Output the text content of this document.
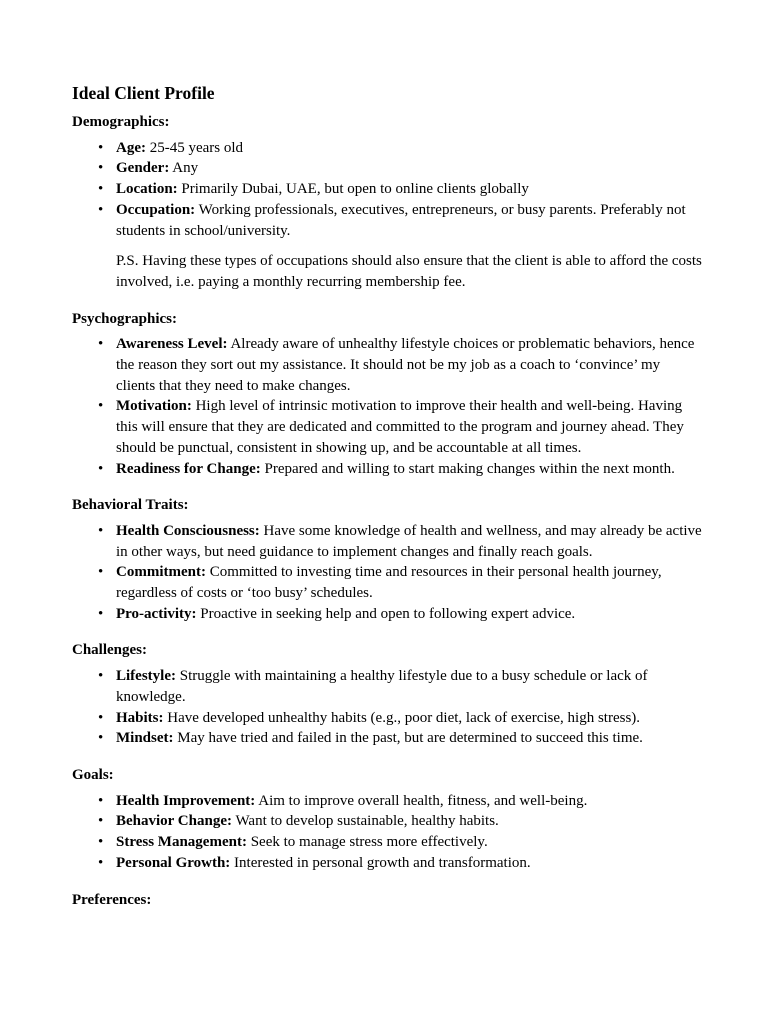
Ideal Client Profile
Demographics:
• Age: 25-45 years old
• Gender: Any
• Location: Primarily Dubai, UAE, but open to online clients globally
• Occupation: Working professionals, executives, entrepreneurs, or busy parents. Preferably not students in school/university.
P.S. Having these types of occupations should also ensure that the client is able to afford the costs involved, i.e. paying a monthly recurring membership fee.
Psychographics:
• Awareness Level: Already aware of unhealthy lifestyle choices or problematic behaviors, hence the reason they sort out my assistance. It should not be my job as a coach to ‘convince’ my clients that they need to make changes.
• Motivation: High level of intrinsic motivation to improve their health and well-being. Having this will ensure that they are dedicated and committed to the program and journey ahead. They should be punctual, consistent in showing up, and be accountable at all times.
• Readiness for Change: Prepared and willing to start making changes within the next month.
Behavioral Traits:
• Health Consciousness: Have some knowledge of health and wellness, and may already be active in other ways, but need guidance to implement changes and finally reach goals.
• Commitment: Committed to investing time and resources in their personal health journey, regardless of costs or ‘too busy’ schedules.
• Pro-activity: Proactive in seeking help and open to following expert advice.
Challenges:
• Lifestyle: Struggle with maintaining a healthy lifestyle due to a busy schedule or lack of knowledge.
• Habits: Have developed unhealthy habits (e.g., poor diet, lack of exercise, high stress).
• Mindset: May have tried and failed in the past, but are determined to succeed this time.
Goals:
• Health Improvement: Aim to improve overall health, fitness, and well-being.
• Behavior Change: Want to develop sustainable, healthy habits.
• Stress Management: Seek to manage stress more effectively.
• Personal Growth: Interested in personal growth and transformation.
Preferences:
